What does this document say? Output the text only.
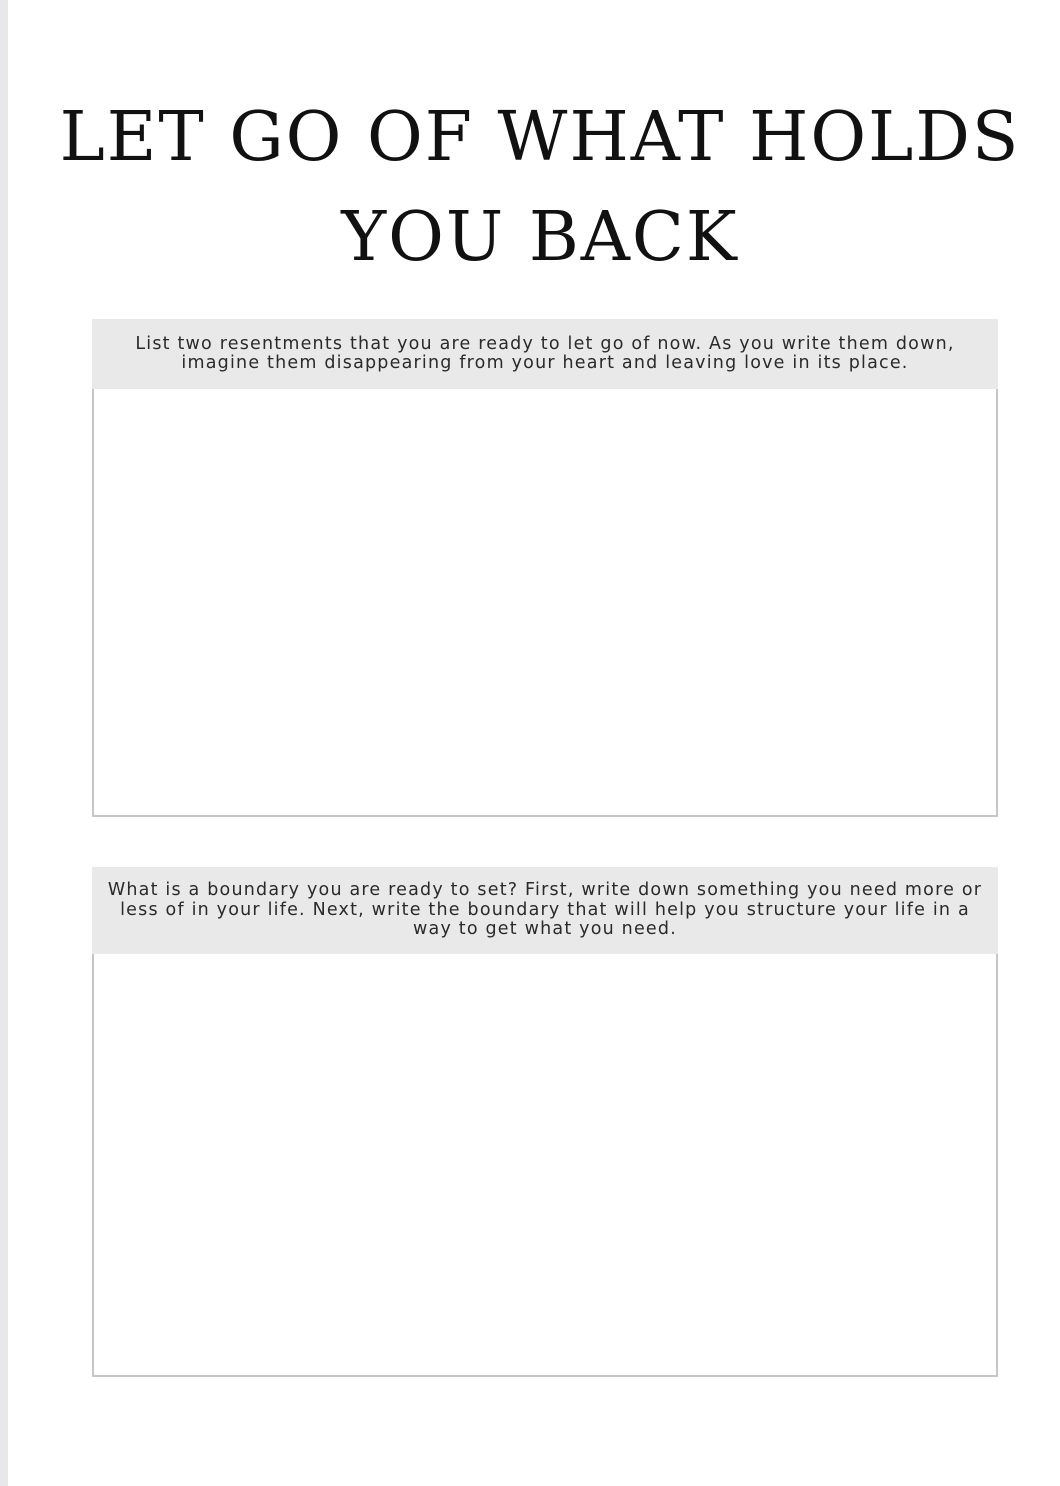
LET GO OF WHAT HOLDS
YOU BACK

List two resentments that you are ready to let go of now. As you write them down, imagine them disappearing from your heart and leaving love in its place.

What is a boundary you are ready to set? First, write down something you need more or less of in your life. Next, write the boundary that will help you structure your life in a way to get what you need.
